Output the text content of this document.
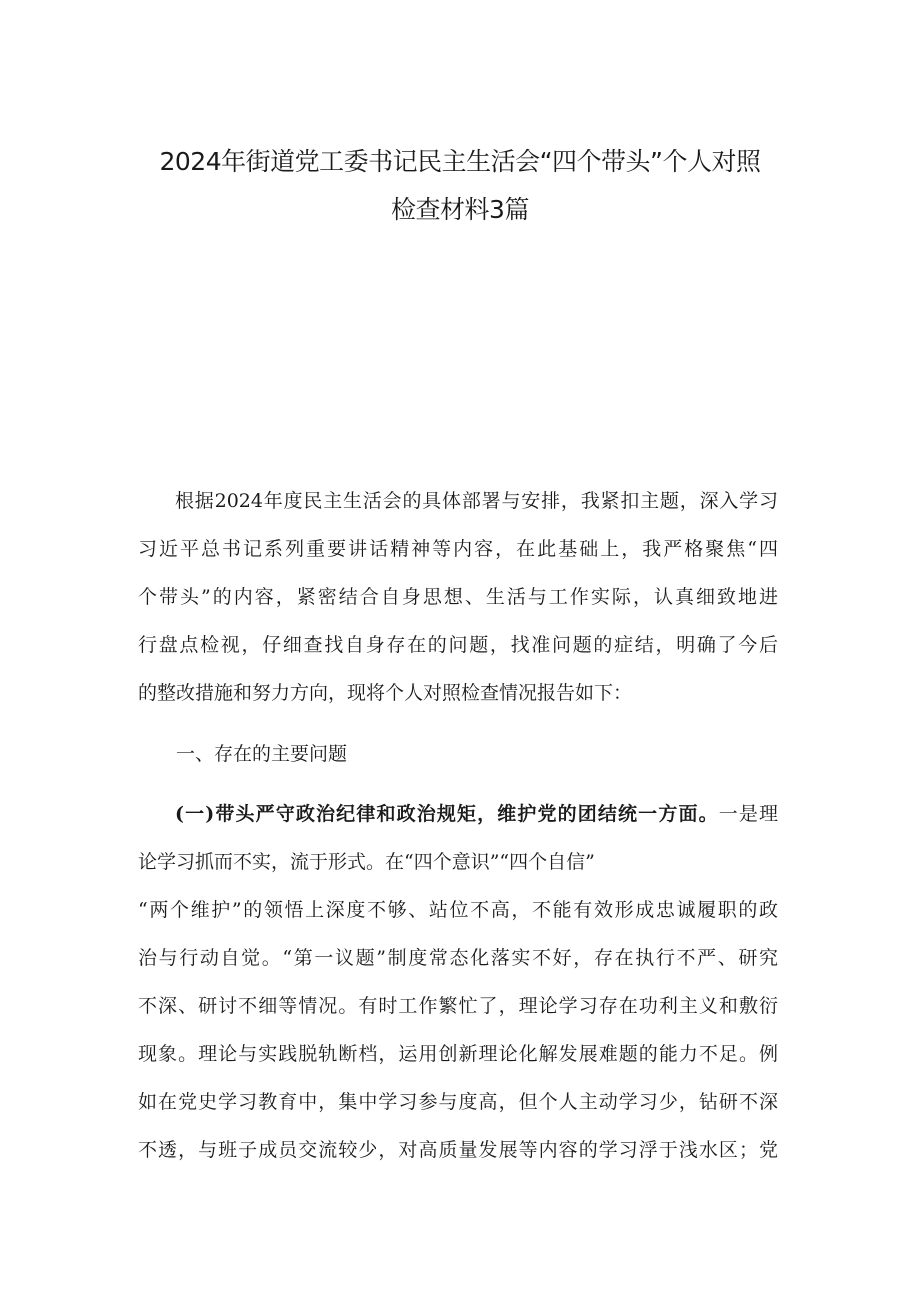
2024年街道党工委书记民主生活会“四个带头”个人对照
检查材料3篇
根据2024年度民主生活会的具体部署与安排，我紧扣主题，深入学习
习近平总书记系列重要讲话精神等内容，在此基础上，我严格聚焦“四
个带头”的内容，紧密结合自身思想、生活与工作实际，认真细致地进
行盘点检视，仔细查找自身存在的问题，找准问题的症结，明确了今后
的整改措施和努力方向，现将个人对照检查情况报告如下：
一、存在的主要问题
(一)带头严守政治纪律和政治规矩，维护党的团结统一方面。一是理
论学习抓而不实，流于形式。在“四个意识”“四个自信”
“两个维护”的领悟上深度不够、站位不高，不能有效形成忠诚履职的政
治与行动自觉。“第一议题”制度常态化落实不好，存在执行不严、研究
不深、研讨不细等情况。有时工作繁忙了，理论学习存在功利主义和敷衍
现象。理论与实践脱轨断档，运用创新理论化解发展难题的能力不足。例
如在党史学习教育中，集中学习参与度高，但个人主动学习少，钻研不深
不透，与班子成员交流较少，对高质量发展等内容的学习浮于浅水区；党
